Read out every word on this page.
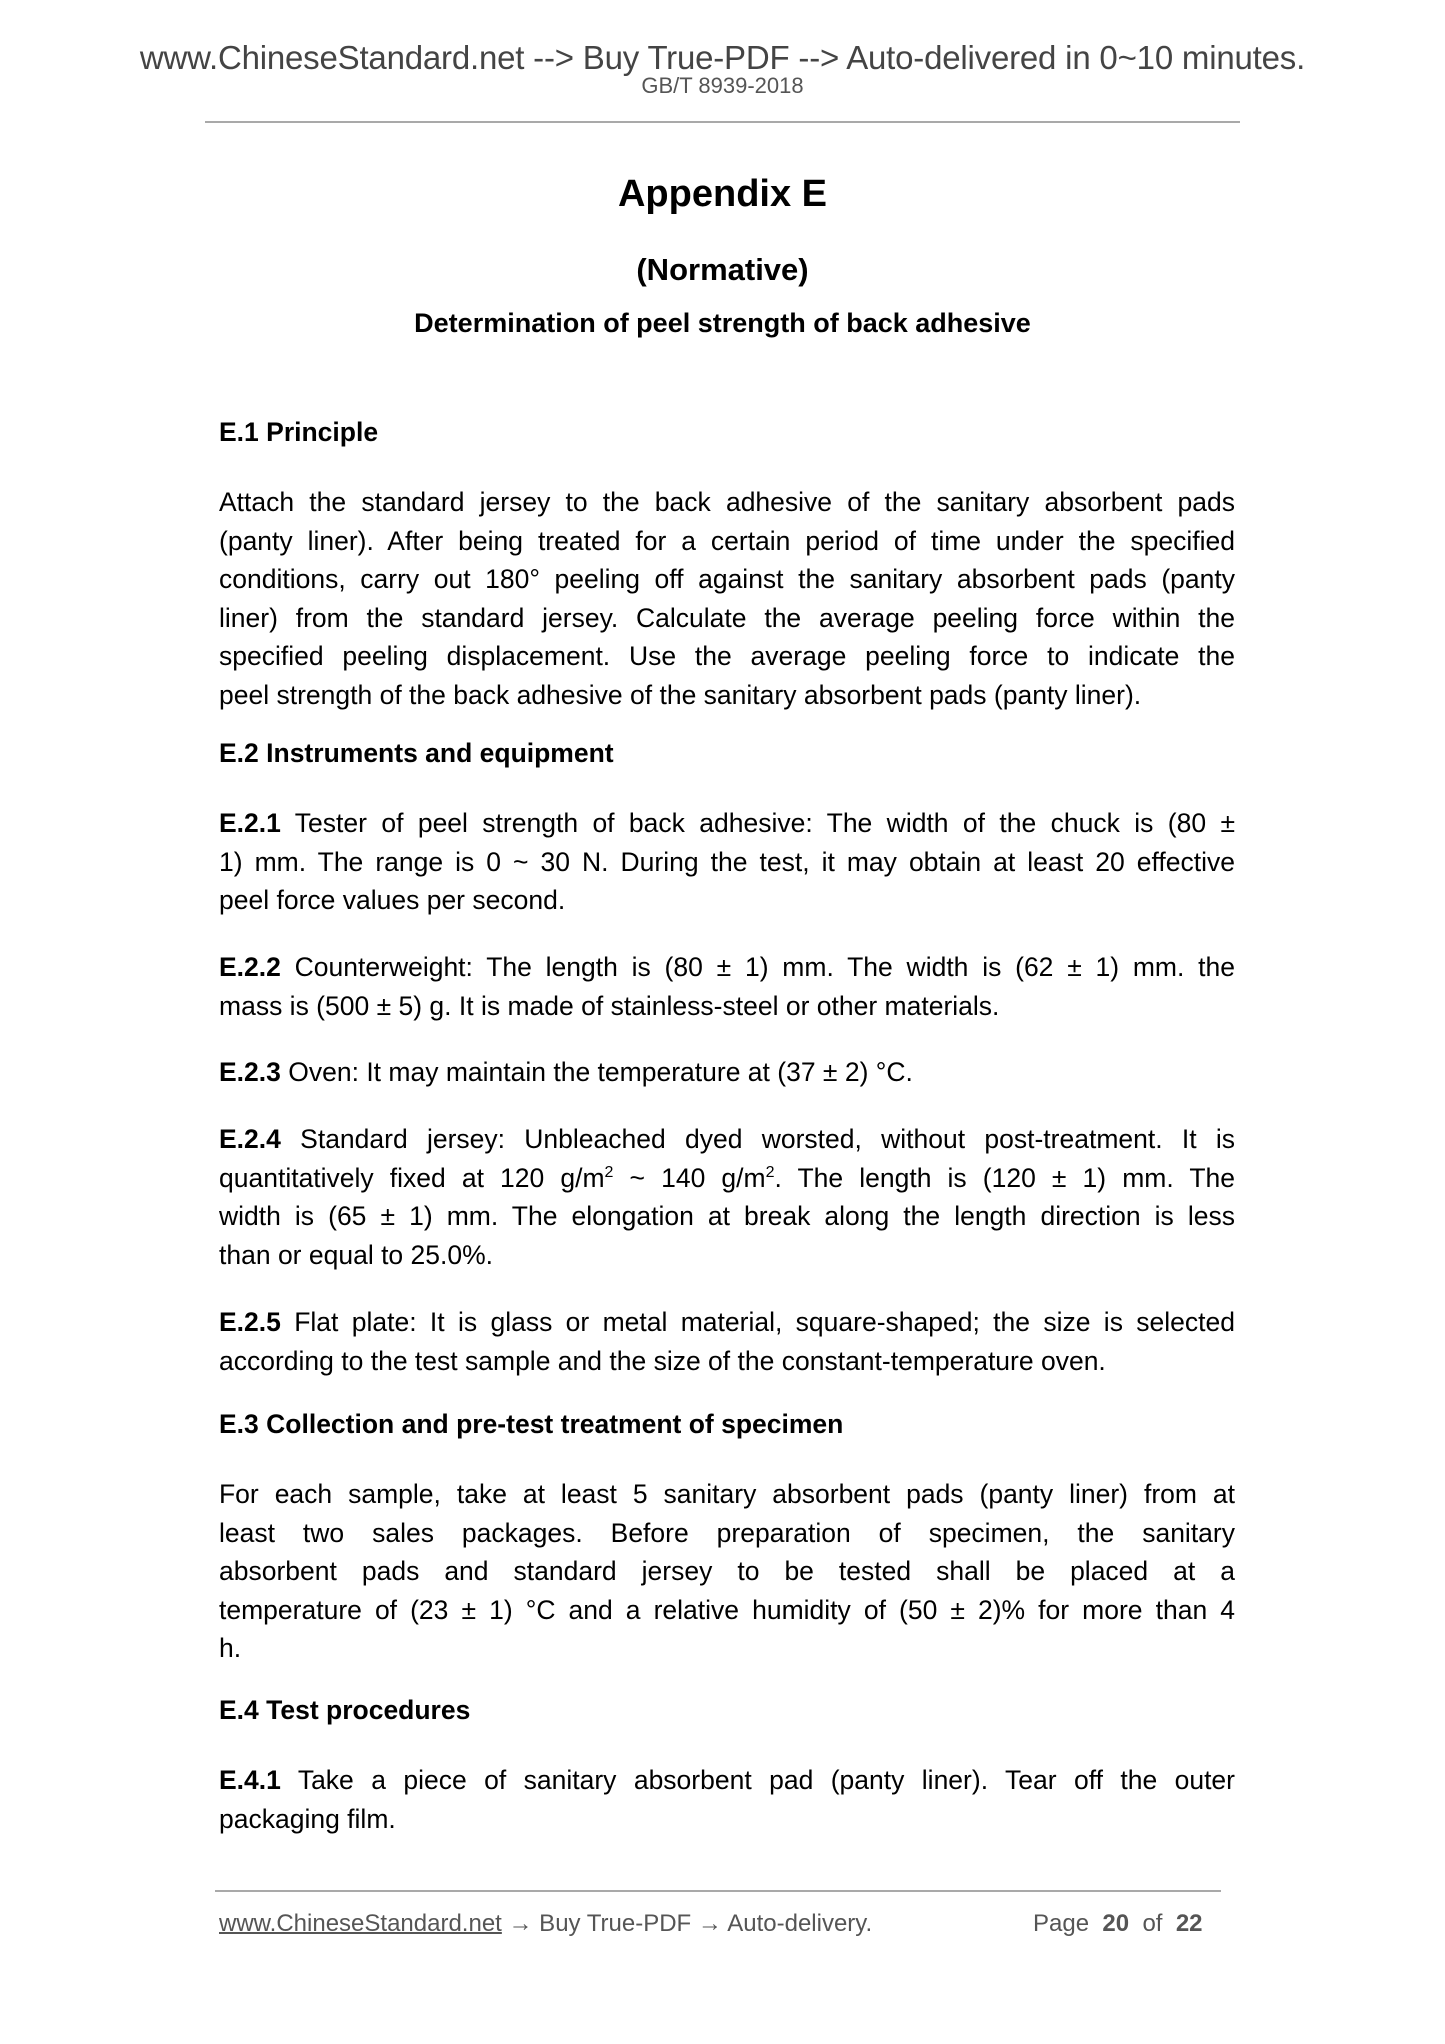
www.ChineseStandard.net --> Buy True-PDF --> Auto-delivered in 0~10 minutes.
GB/T 8939-2018
Appendix E
(Normative)
Determination of peel strength of back adhesive
E.1 Principle
Attach the standard jersey to the back adhesive of the sanitary absorbent pads
(panty liner). After being treated for a certain period of time under the specified
conditions, carry out 180° peeling off against the sanitary absorbent pads (panty
liner) from the standard jersey. Calculate the average peeling force within the
specified peeling displacement. Use the average peeling force to indicate the
peel strength of the back adhesive of the sanitary absorbent pads (panty liner).
E.2 Instruments and equipment
E.2.1 Tester of peel strength of back adhesive: The width of the chuck is (80 ±
1) mm. The range is 0 ~ 30 N. During the test, it may obtain at least 20 effective
peel force values per second.
E.2.2 Counterweight: The length is (80 ± 1) mm. The width is (62 ± 1) mm. the
mass is (500 ± 5) g. It is made of stainless-steel or other materials.
E.2.3 Oven: It may maintain the temperature at (37 ± 2) °C.
E.2.4 Standard jersey: Unbleached dyed worsted, without post-treatment. It is
quantitatively fixed at 120 $g/m^2$ ~ 140 $g/m^2$. The length is (120 ± 1) mm. The
width is (65 ± 1) mm. The elongation at break along the length direction is less
than or equal to 25.0%.
E.2.5 Flat plate: It is glass or metal material, square-shaped; the size is selected
according to the test sample and the size of the constant-temperature oven.
E.3 Collection and pre-test treatment of specimen
For each sample, take at least 5 sanitary absorbent pads (panty liner) from at
least two sales packages. Before preparation of specimen, the sanitary
absorbent pads and standard jersey to be tested shall be placed at a
temperature of (23 ± 1) °C and a relative humidity of (50 ± 2)% for more than 4
h.
E.4 Test procedures
E.4.1 Take a piece of sanitary absorbent pad (panty liner). Tear off the outer
packaging film.
www.ChineseStandard.net → Buy True-PDF → Auto-delivery.	Page 20 of 22
